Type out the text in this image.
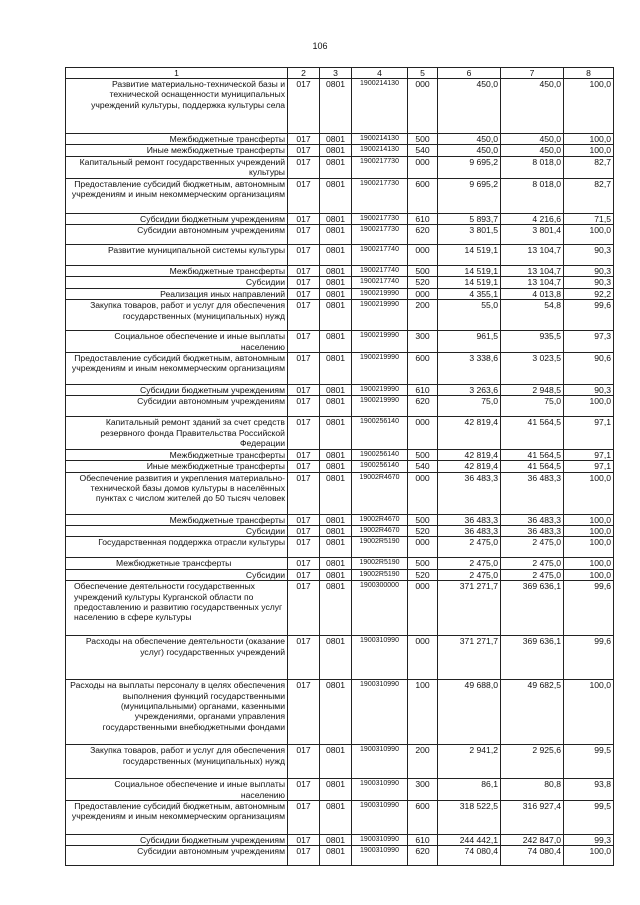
106
1	2	3	4	5	6	7	8
Развитие материально-технической базы и технической оснащенности муниципальных учреждений культуры, поддержка культуры села	017	0801	1900214130	000	450,0	450,0	100,0
Межбюджетные трансферты	017	0801	1900214130	500	450,0	450,0	100,0
Иные межбюджетные трансферты	017	0801	1900214130	540	450,0	450,0	100,0
Капитальный ремонт государственных учреждений культуры	017	0801	1900217730	000	9 695,2	8 018,0	82,7
Предоставление субсидий бюджетным, автономным учреждениям и иным некоммерческим организациям	017	0801	1900217730	600	9 695,2	8 018,0	82,7
Субсидии бюджетным учреждениям	017	0801	1900217730	610	5 893,7	4 216,6	71,5
Субсидии автономным учреждениям	017	0801	1900217730	620	3 801,5	3 801,4	100,0
Развитие муниципальной системы культуры	017	0801	1900217740	000	14 519,1	13 104,7	90,3
Межбюджетные трансферты	017	0801	1900217740	500	14 519,1	13 104,7	90,3
Субсидии	017	0801	1900217740	520	14 519,1	13 104,7	90,3
Реализация иных направлений	017	0801	1900219990	000	4 355,1	4 013,8	92,2
Закупка товаров, работ и услуг для обеспечения государственных (муниципальных) нужд	017	0801	1900219990	200	55,0	54,8	99,6
Социальное обеспечение и иные выплаты населению	017	0801	1900219990	300	961,5	935,5	97,3
Предоставление субсидий бюджетным, автономным учреждениям и иным некоммерческим организациям	017	0801	1900219990	600	3 338,6	3 023,5	90,6
Субсидии бюджетным учреждениям	017	0801	1900219990	610	3 263,6	2 948,5	90,3
Субсидии автономным учреждениям	017	0801	1900219990	620	75,0	75,0	100,0
Капитальный ремонт зданий за счет средств резервного фонда Правительства Российской Федерации	017	0801	1900256140	000	42 819,4	41 564,5	97,1
Межбюджетные трансферты	017	0801	1900256140	500	42 819,4	41 564,5	97,1
Иные межбюджетные трансферты	017	0801	1900256140	540	42 819,4	41 564,5	97,1
Обеспечение развития и укрепления материально-технической базы домов культуры в населённых пунктах с числом жителей до 50 тысяч человек	017	0801	19002R4670	000	36 483,3	36 483,3	100,0
Межбюджетные трансферты	017	0801	19002R4670	500	36 483,3	36 483,3	100,0
Субсидии	017	0801	19002R4670	520	36 483,3	36 483,3	100,0
Государственная поддержка отрасли культуры	017	0801	19002R5190	000	2 475,0	2 475,0	100,0
Межбюджетные трансферты	017	0801	19002R5190	500	2 475,0	2 475,0	100,0
Субсидии	017	0801	19002R5190	520	2 475,0	2 475,0	100,0
Обеспечение деятельности государственных учреждений культуры Курганской области по предоставлению и развитию государственных услуг населению в сфере культуры	017	0801	1900300000	000	371 271,7	369 636,1	99,6
Расходы на обеспечение деятельности (оказание услуг) государственных учреждений	017	0801	1900310990	000	371 271,7	369 636,1	99,6
Расходы на выплаты персоналу в целях обеспечения выполнения функций государственными (муниципальными) органами, казенными учреждениями, органами управления государственными внебюджетными фондами	017	0801	1900310990	100	49 688,0	49 682,5	100,0
Закупка товаров, работ и услуг для обеспечения государственных (муниципальных) нужд	017	0801	1900310990	200	2 941,2	2 925,6	99,5
Социальное обеспечение и иные выплаты населению	017	0801	1900310990	300	86,1	80,8	93,8
Предоставление субсидий бюджетным, автономным учреждениям и иным некоммерческим организациям	017	0801	1900310990	600	318 522,5	316 927,4	99,5
Субсидии бюджетным учреждениям	017	0801	1900310990	610	244 442,1	242 847,0	99,3
Субсидии автономным учреждениям	017	0801	1900310990	620	74 080,4	74 080,4	100,0
